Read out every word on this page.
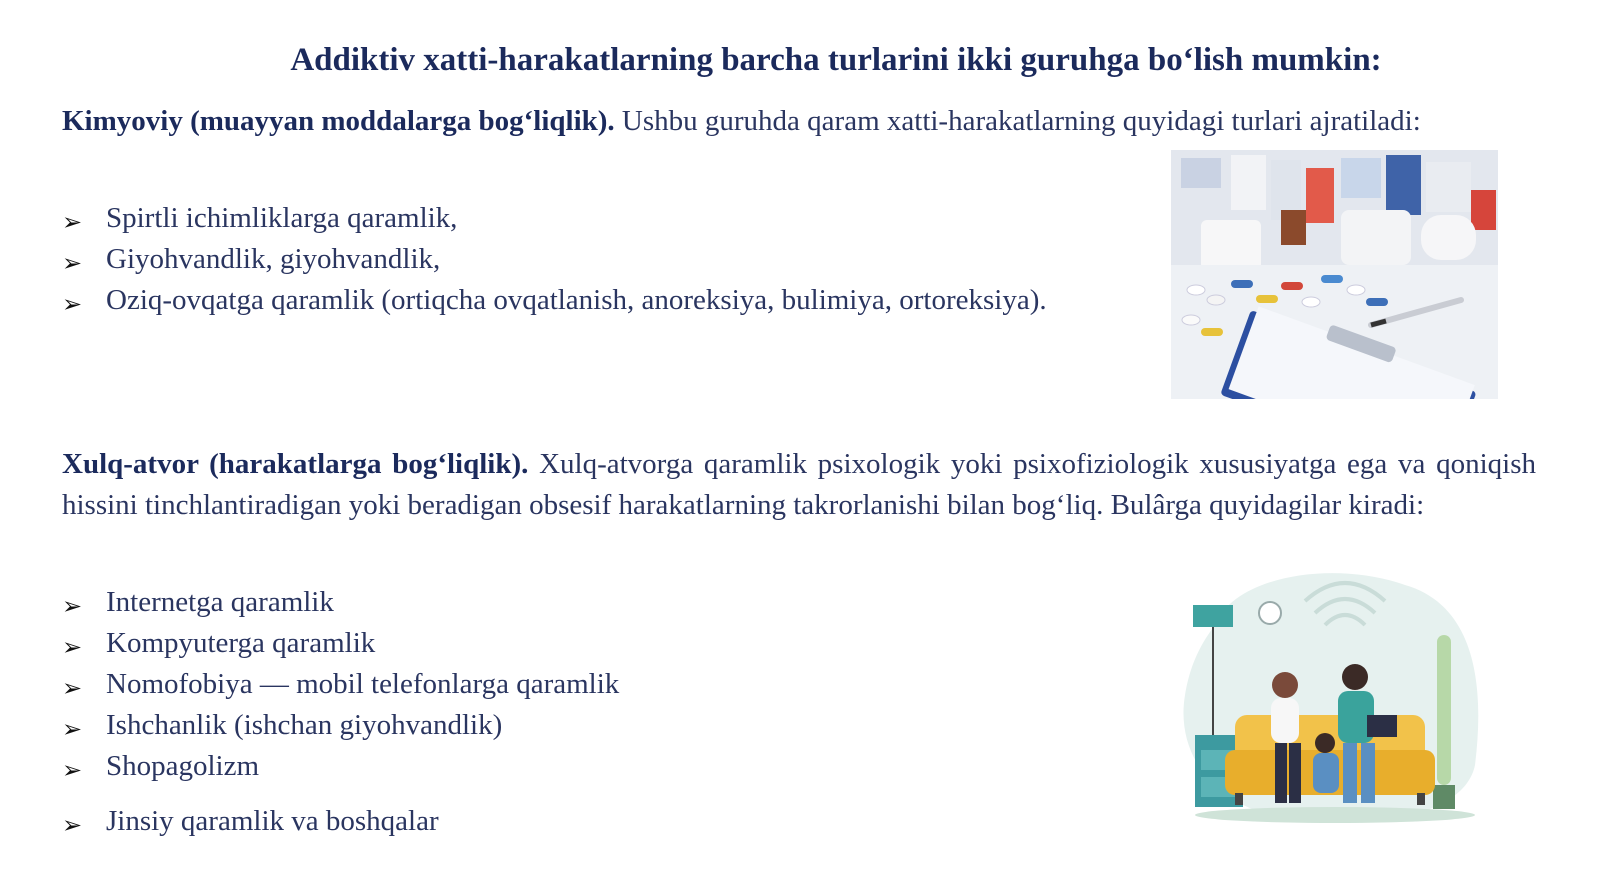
Addiktiv xatti-harakatlarning barcha turlarini ikki guruhga bo‘lish mumkin:
Kimyoviy (muayyan moddalarga bog‘liqlik). Ushbu guruhda qaram xatti-harakatlarning quyidagi turlari ajratiladi:
➢ Spirtli ichimliklarga qaramlik,
➢ Giyohvandlik, giyohvandlik,
➢ Oziq-ovqatga qaramlik (ortiqcha ovqatlanish, anoreksiya, bulimiya, ortoreksiya).
Xulq-atvor (harakatlarga bog‘liqlik). Xulq-atvorga qaramlik psixologik yoki psixofiziologik xususiyatga ega va qoniqish hissini tinchlantiradigan yoki beradigan obsesif harakatlarning takrorlanishi bilan bog‘liq. Bulârga quyidagilar kiradi:
➢ Internetga qaramlik
➢ Kompyuterga qaramlik
➢ Nomofobiya — mobil telefonlarga qaramlik
➢ Ishchanlik (ishchan giyohvandlik)
➢ Shopagolizm
➢ Jinsiy qaramlik va boshqalar
